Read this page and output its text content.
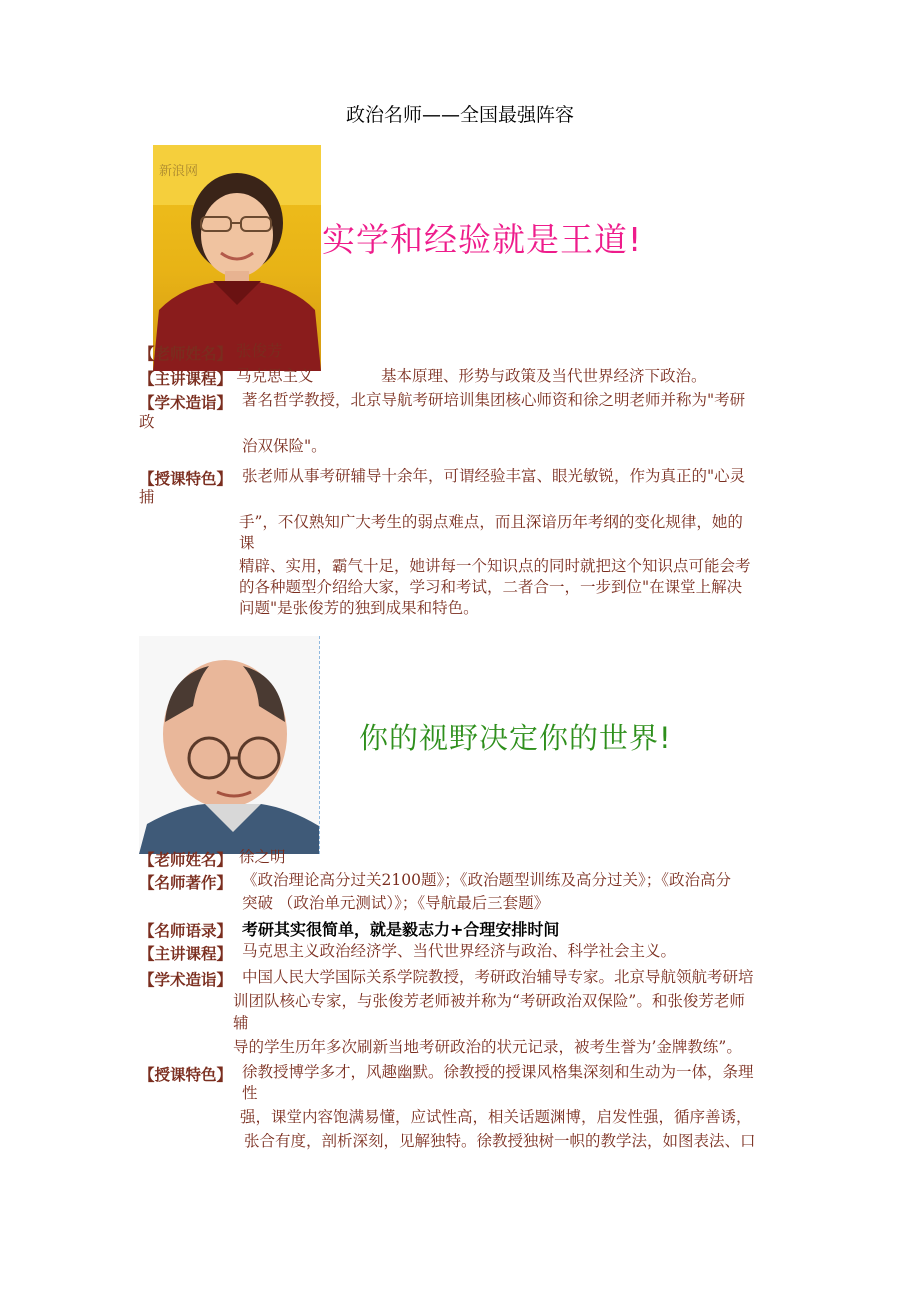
政治名师——全国最强阵容
新浪网
实学和经验就是王道!
【老师姓名】 张俊芳
【主讲课程】 马克思主义	基本原理、形势与政策及当代世界经济下政治。
【学术造诣】 著名哲学教授，北京导航考研培训集团核心师资和徐之明老师并称为"考研
政
治双保险"。
【授课特色】 张老师从事考研辅导十余年，可谓经验丰富、眼光敏锐，作为真正的"心灵
捕
手”，不仅熟知广大考生的弱点难点，而且深谙历年考纲的变化规律，她的
课
精辟、实用，霸气十足，她讲每一个知识点的同时就把这个知识点可能会考
的各种题型介绍给大家，学习和考试，二者合一，一步到位"在课堂上解决
问题"是张俊芳的独到成果和特色。
你的视野决定你的世界!
【老师姓名】 徐之明
【名师著作】 《政治理论高分过关2100题》；《政治题型训练及高分过关》；《政治高分
突破 （政治单元测试）》；《导航最后三套题》
【名师语录】 考研其实很简单，就是毅志力+合理安排时间
【主讲课程】 马克思主义政治经济学、当代世界经济与政治、科学社会主义。
【学术造诣】 中国人民大学国际关系学院教授，考研政治辅导专家。北京导航领航考研培
训团队核心专家，与张俊芳老师被并称为“考研政治双保险”。和张俊芳老师
辅
导的学生历年多次刷新当地考研政治的状元记录，被考生誉为’金牌教练”。
【授课特色】 徐教授博学多才，风趣幽默。徐教授的授课风格集深刻和生动为一体，条理
性
强，课堂内容饱满易懂，应试性高，相关话题渊博，启发性强，循序善诱，
张合有度，剖析深刻，见解独特。徐教授独树一帜的教学法，如图表法、口
